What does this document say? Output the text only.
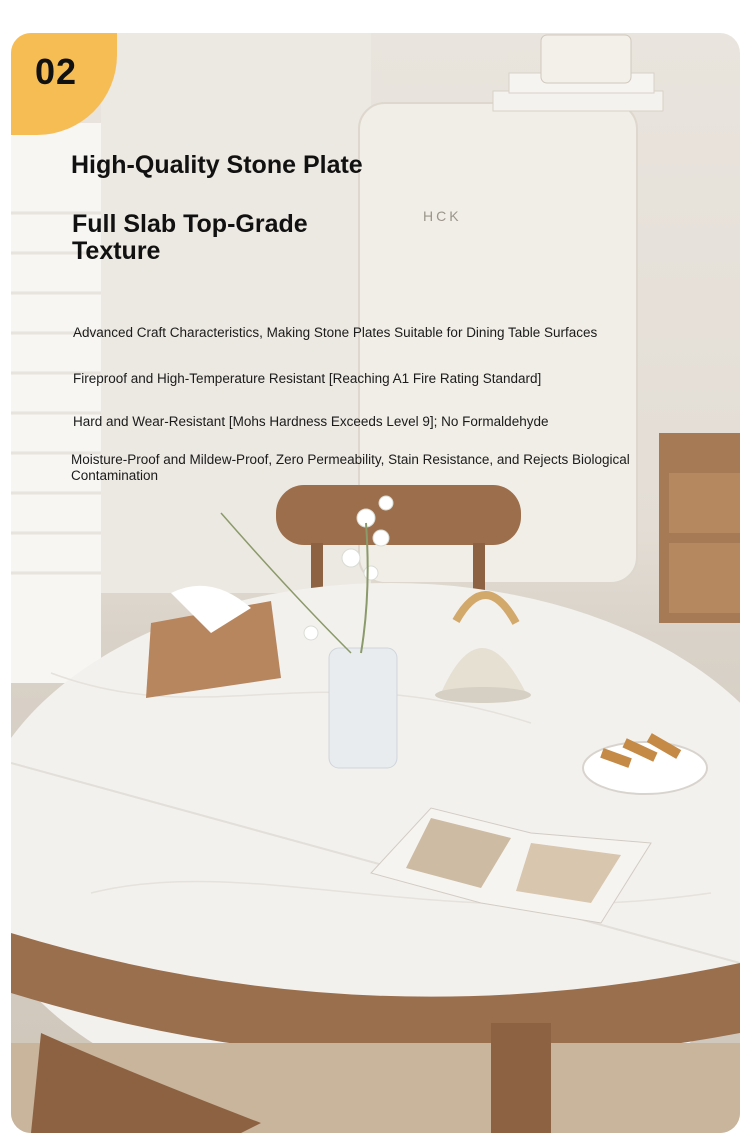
HCK
02
High-Quality Stone Plate
Full Slab Top-Grade Texture
Advanced Craft Characteristics, Making Stone Plates Suitable for Dining Table Surfaces
Fireproof and High-Temperature Resistant [Reaching A1 Fire Rating Standard]
Hard and Wear-Resistant [Mohs Hardness Exceeds Level 9]; No Formaldehyde
Moisture-Proof and Mildew-Proof, Zero Permeability, Stain Resistance, and Rejects Biological Contamination
